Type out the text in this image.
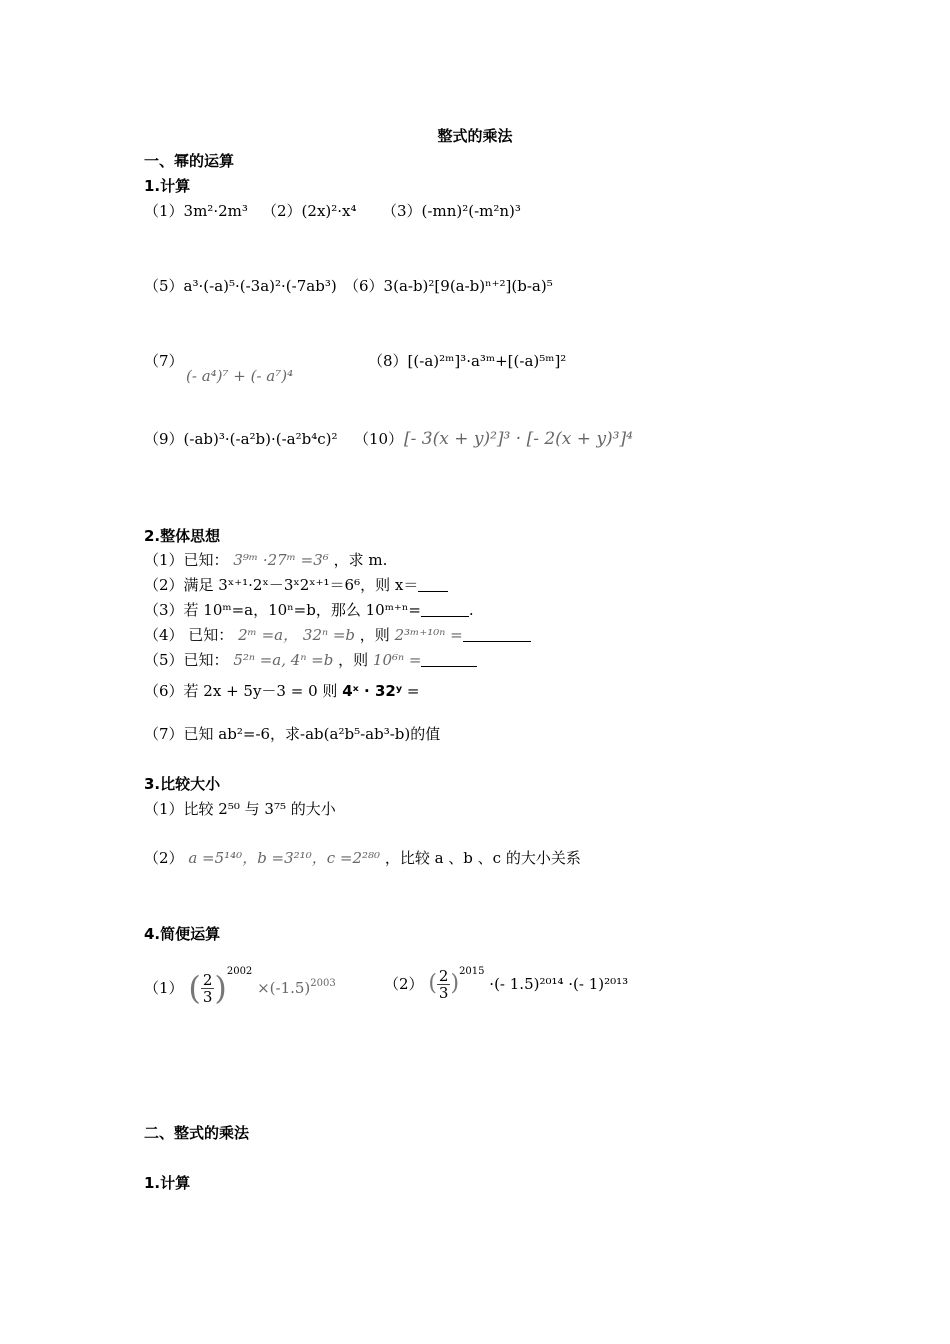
整式的乘法
一、幂的运算
1.计算
（1）3m²·2m³ （2）(2x)²·x⁴ （3）(-mn)²(-m²n)³
（5）a³·(-a)⁵·(-3a)²·(-7ab³) （6）3(a-b)²[9(a-b)ⁿ⁺²](b-a)⁵
（7）
(- a⁴)⁷ + (- a⁷)⁴
（8）[(-a)²ᵐ]³·a³ᵐ+[(-a)⁵ᵐ]²
（9）(-ab)³·(-a²b)·(-a²b⁴c)² （10） [- 3(x + y)²]³ · [- 2(x + y)³]⁴
2.整体思想
（1）已知： 3⁹ᵐ ·27ᵐ =3⁶ ，求 m.
（2）满足 3ˣ⁺¹·2ˣ－3ˣ2ˣ⁺¹＝6⁶，则 x＝
（3）若 10ᵐ=a，10ⁿ=b，那么 10ᵐ⁺ⁿ=	.
（4） 已知： 2ᵐ =a， 32ⁿ =b ，则 2³ᵐ⁺¹⁰ⁿ =
（5）已知： 5²ⁿ =a, 4ⁿ =b ，则 10⁶ⁿ =
（6）若 2x + 5y－3 = 0 则 4ˣ · 32ʸ =
（7）已知 ab²=-6，求-ab(a²b⁵-ab³-b)的值
3.比较大小
（1）比较 2⁵⁰ 与 3⁷⁵ 的大小
（2） a =5¹⁴⁰，b =3²¹⁰，c =2²⁸⁰ ，比较 a 、b 、c 的大小关系
4.简便运算
（1） ( $\frac{2}{3} )^{2002} \times(-1.5)^{2003}$	（2） ( $\frac{2}{3} )^{2015}$ ·(- 1.5)²⁰¹⁴ ·(- 1)²⁰¹³
二、整式的乘法
1.计算
